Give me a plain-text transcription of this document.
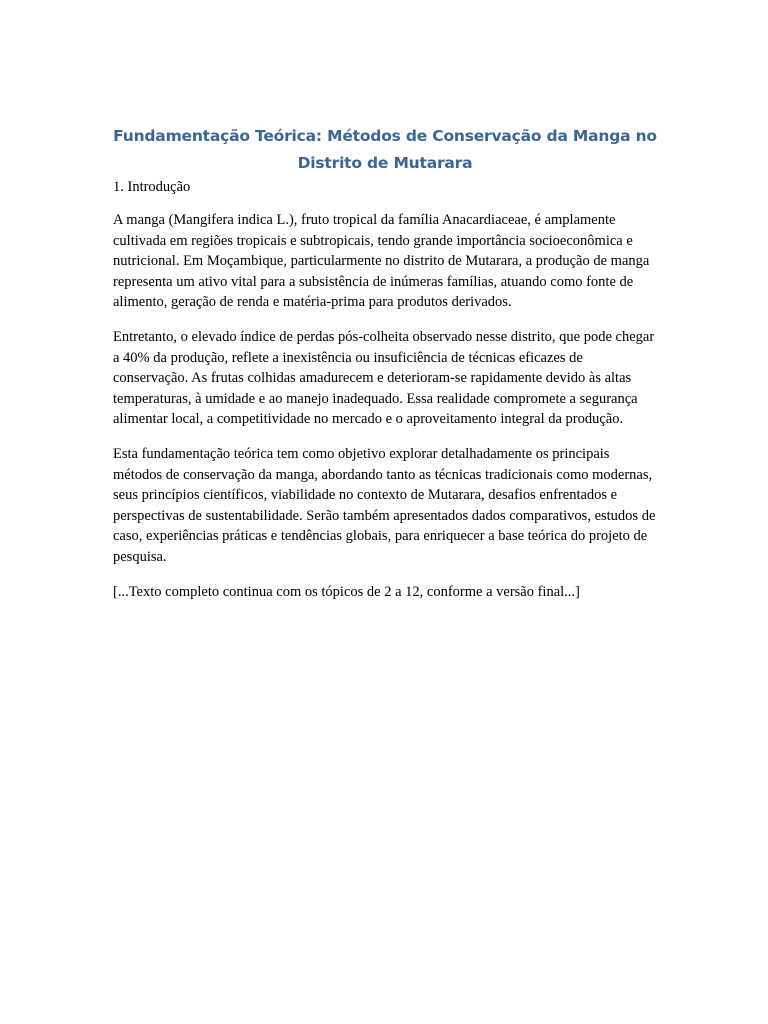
Fundamentação Teórica: Métodos de Conservação da Manga no Distrito de Mutarara

1. Introdução

A manga (Mangifera indica L.), fruto tropical da família Anacardiaceae, é amplamente cultivada em regiões tropicais e subtropicais, tendo grande importância socioeconômica e nutricional. Em Moçambique, particularmente no distrito de Mutarara, a produção de manga representa um ativo vital para a subsistência de inúmeras famílias, atuando como fonte de alimento, geração de renda e matéria-prima para produtos derivados.

Entretanto, o elevado índice de perdas pós-colheita observado nesse distrito, que pode chegar a 40% da produção, reflete a inexistência ou insuficiência de técnicas eficazes de conservação. As frutas colhidas amadurecem e deterioram-se rapidamente devido às altas temperaturas, à umidade e ao manejo inadequado. Essa realidade compromete a segurança alimentar local, a competitividade no mercado e o aproveitamento integral da produção.

Esta fundamentação teórica tem como objetivo explorar detalhadamente os principais métodos de conservação da manga, abordando tanto as técnicas tradicionais como modernas, seus princípios científicos, viabilidade no contexto de Mutarara, desafios enfrentados e perspectivas de sustentabilidade. Serão também apresentados dados comparativos, estudos de caso, experiências práticas e tendências globais, para enriquecer a base teórica do projeto de pesquisa.

[...Texto completo continua com os tópicos de 2 a 12, conforme a versão final...]
